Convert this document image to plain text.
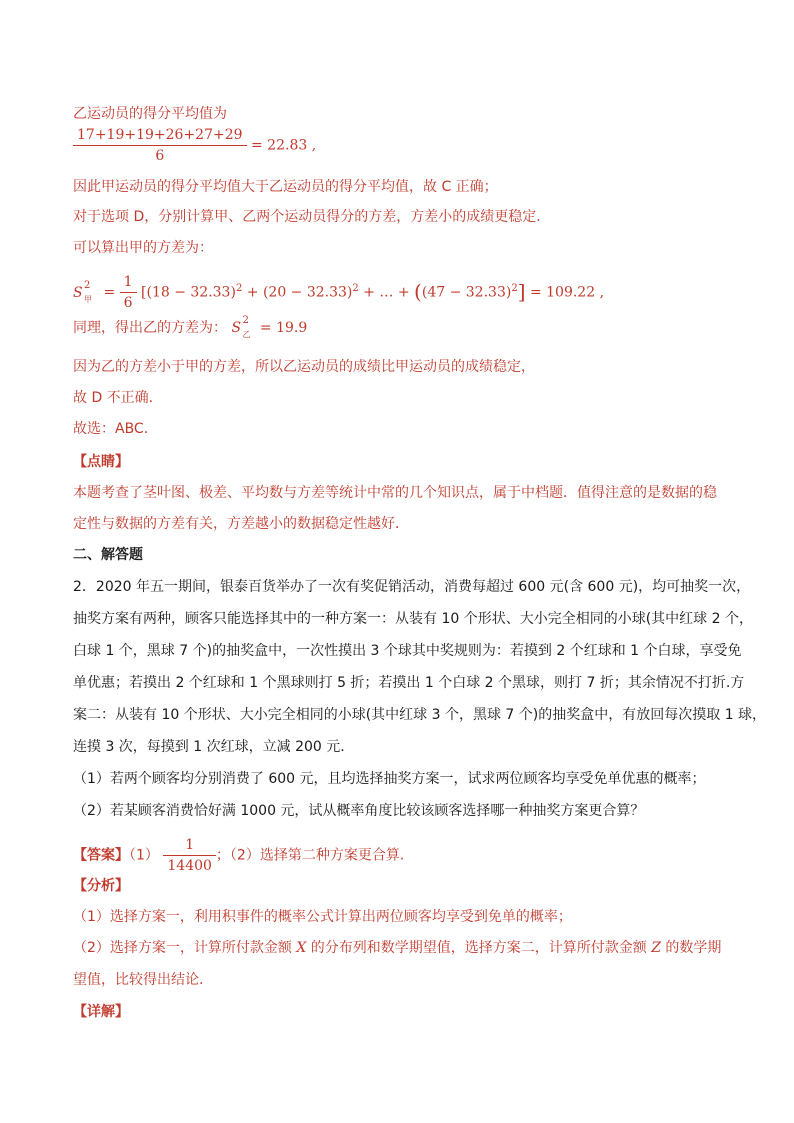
乙运动员的得分平均值为
$\frac{17+19+19+26+27+29}{6} = 22.83$ ,
因此甲运动员的得分平均值大于乙运动员的得分平均值，故 C 正确；
对于选项 D，分别计算甲、乙两个运动员得分的方差，方差小的成绩更稳定.
可以算出甲的方差为：
S 2
甲 = $\frac{1}{6} [(18 - 32.33)^2 + (20 - 32.33)^2$ + … + $((47 - 32.33)^2] = 109.22$ ,
同理，得出乙的方差为： S 2
乙 = 19.9
因为乙的方差小于甲的方差，所以乙运动员的成绩比甲运动员的成绩稳定，
故 D 不正确.
故选：ABC.
【点睛】
本题考查了茎叶图、极差、平均数与方差等统计中常的几个知识点，属于中档题．值得注意的是数据的稳
定性与数据的方差有关，方差越小的数据稳定性越好．
二、解答题
2．2020 年五一期间，银泰百货举办了一次有奖促销活动，消费每超过 600 元(含 600 元)，均可抽奖一次，
抽奖方案有两种，顾客只能选择其中的一种方案一：从装有 10 个形状、大小完全相同的小球(其中红球 2 个，
白球 1 个，黑球 7 个)的抽奖盒中，一次性摸出 3 个球其中奖规则为：若摸到 2 个红球和 1 个白球，享受免
单优惠；若摸出 2 个红球和 1 个黑球则打 5 折；若摸出 1 个白球 2 个黑球，则打 7 折；其余情况不打折.方
案二：从装有 10 个形状、大小完全相同的小球(其中红球 3 个，黑球 7 个)的抽奖盒中，有放回每次摸取 1 球，
连摸 3 次，每摸到 1 次红球，立减 200 元.
（1）若两个顾客均分别消费了 600 元，且均选择抽奖方案一，试求两位顾客均享受免单优惠的概率；
（2）若某顾客消费恰好满 1000 元，试从概率角度比较该顾客选择哪一种抽奖方案更合算？
【答案】$(1) \frac{1}{14400}$ ；（2）选择第二种方案更合算.
【分析】
（1）选择方案一，利用积事件的概率公式计算出两位顾客均享受到免单的概率；
（2）选择方案一，计算所付款金额 X 的分布列和数学期望值，选择方案二，计算所付款金额 Z 的数学期
望值，比较得出结论.
【详解】
